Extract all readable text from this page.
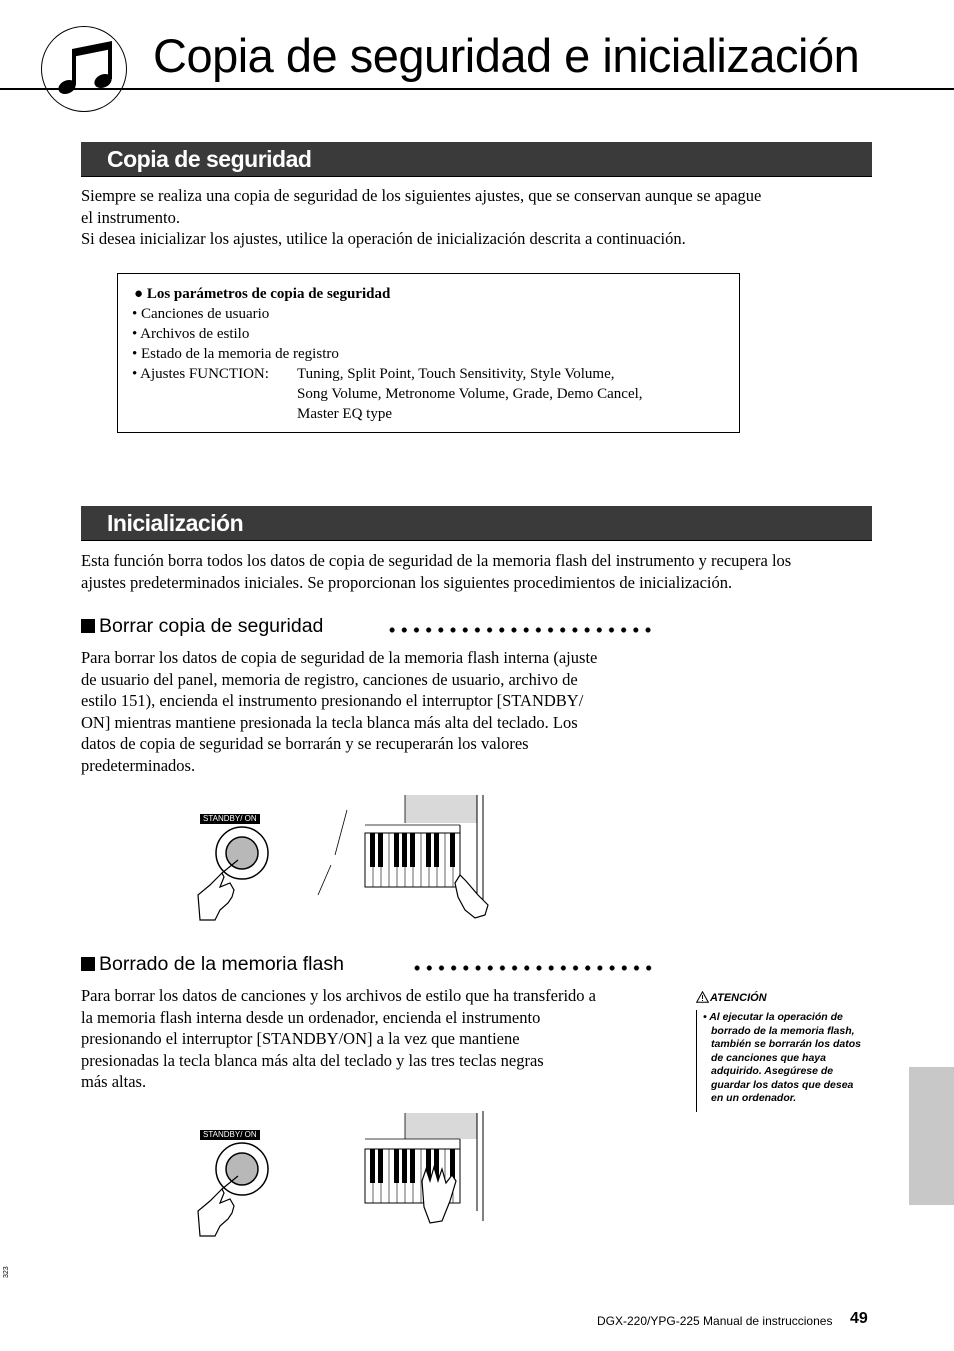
Copia de seguridad e inicialización
Copia de seguridad
Siempre se realiza una copia de seguridad de los siguientes ajustes, que se conservan aunque se apague
el instrumento.
Si desea inicializar los ajustes, utilice la operación de inicialización descrita a continuación.
● Los parámetros de copia de seguridad
• Canciones de usuario
• Archivos de estilo
• Estado de la memoria de registro
• Ajustes FUNCTION: Tuning, Split Point, Touch Sensitivity, Style Volume,
Song Volume, Metronome Volume, Grade, Demo Cancel,
Master EQ type
Inicialización
Esta función borra todos los datos de copia de seguridad de la memoria flash del instrumento y recupera los
ajustes predeterminados iniciales. Se proporcionan los siguientes procedimientos de inicialización.
Borrar copia de seguridad
Para borrar los datos de copia de seguridad de la memoria flash interna (ajuste
de usuario del panel, memoria de registro, canciones de usuario, archivo de
estilo 151), encienda el instrumento presionando el interruptor [STANDBY/
ON] mientras mantiene presionada la tecla blanca más alta del teclado. Los
datos de copia de seguridad se borrarán y se recuperarán los valores
predeterminados.
STANDBY/ ON
Borrado de la memoria flash
Para borrar los datos de canciones y los archivos de estilo que ha transferido a
la memoria flash interna desde un ordenador, encienda el instrumento
presionando el interruptor [STANDBY/ON] a la vez que mantiene
presionadas la tecla blanca más alta del teclado y las tres teclas negras
más altas.
ATENCIÓN
• Al ejecutar la operación de
borrado de la memoria flash,
también se borrarán los datos
de canciones que haya
adquirido. Asegúrese de
guardar los datos que desea
en un ordenador.
STANDBY/ ON
323
DGX-220/YPG-225 Manual de instrucciones 49
